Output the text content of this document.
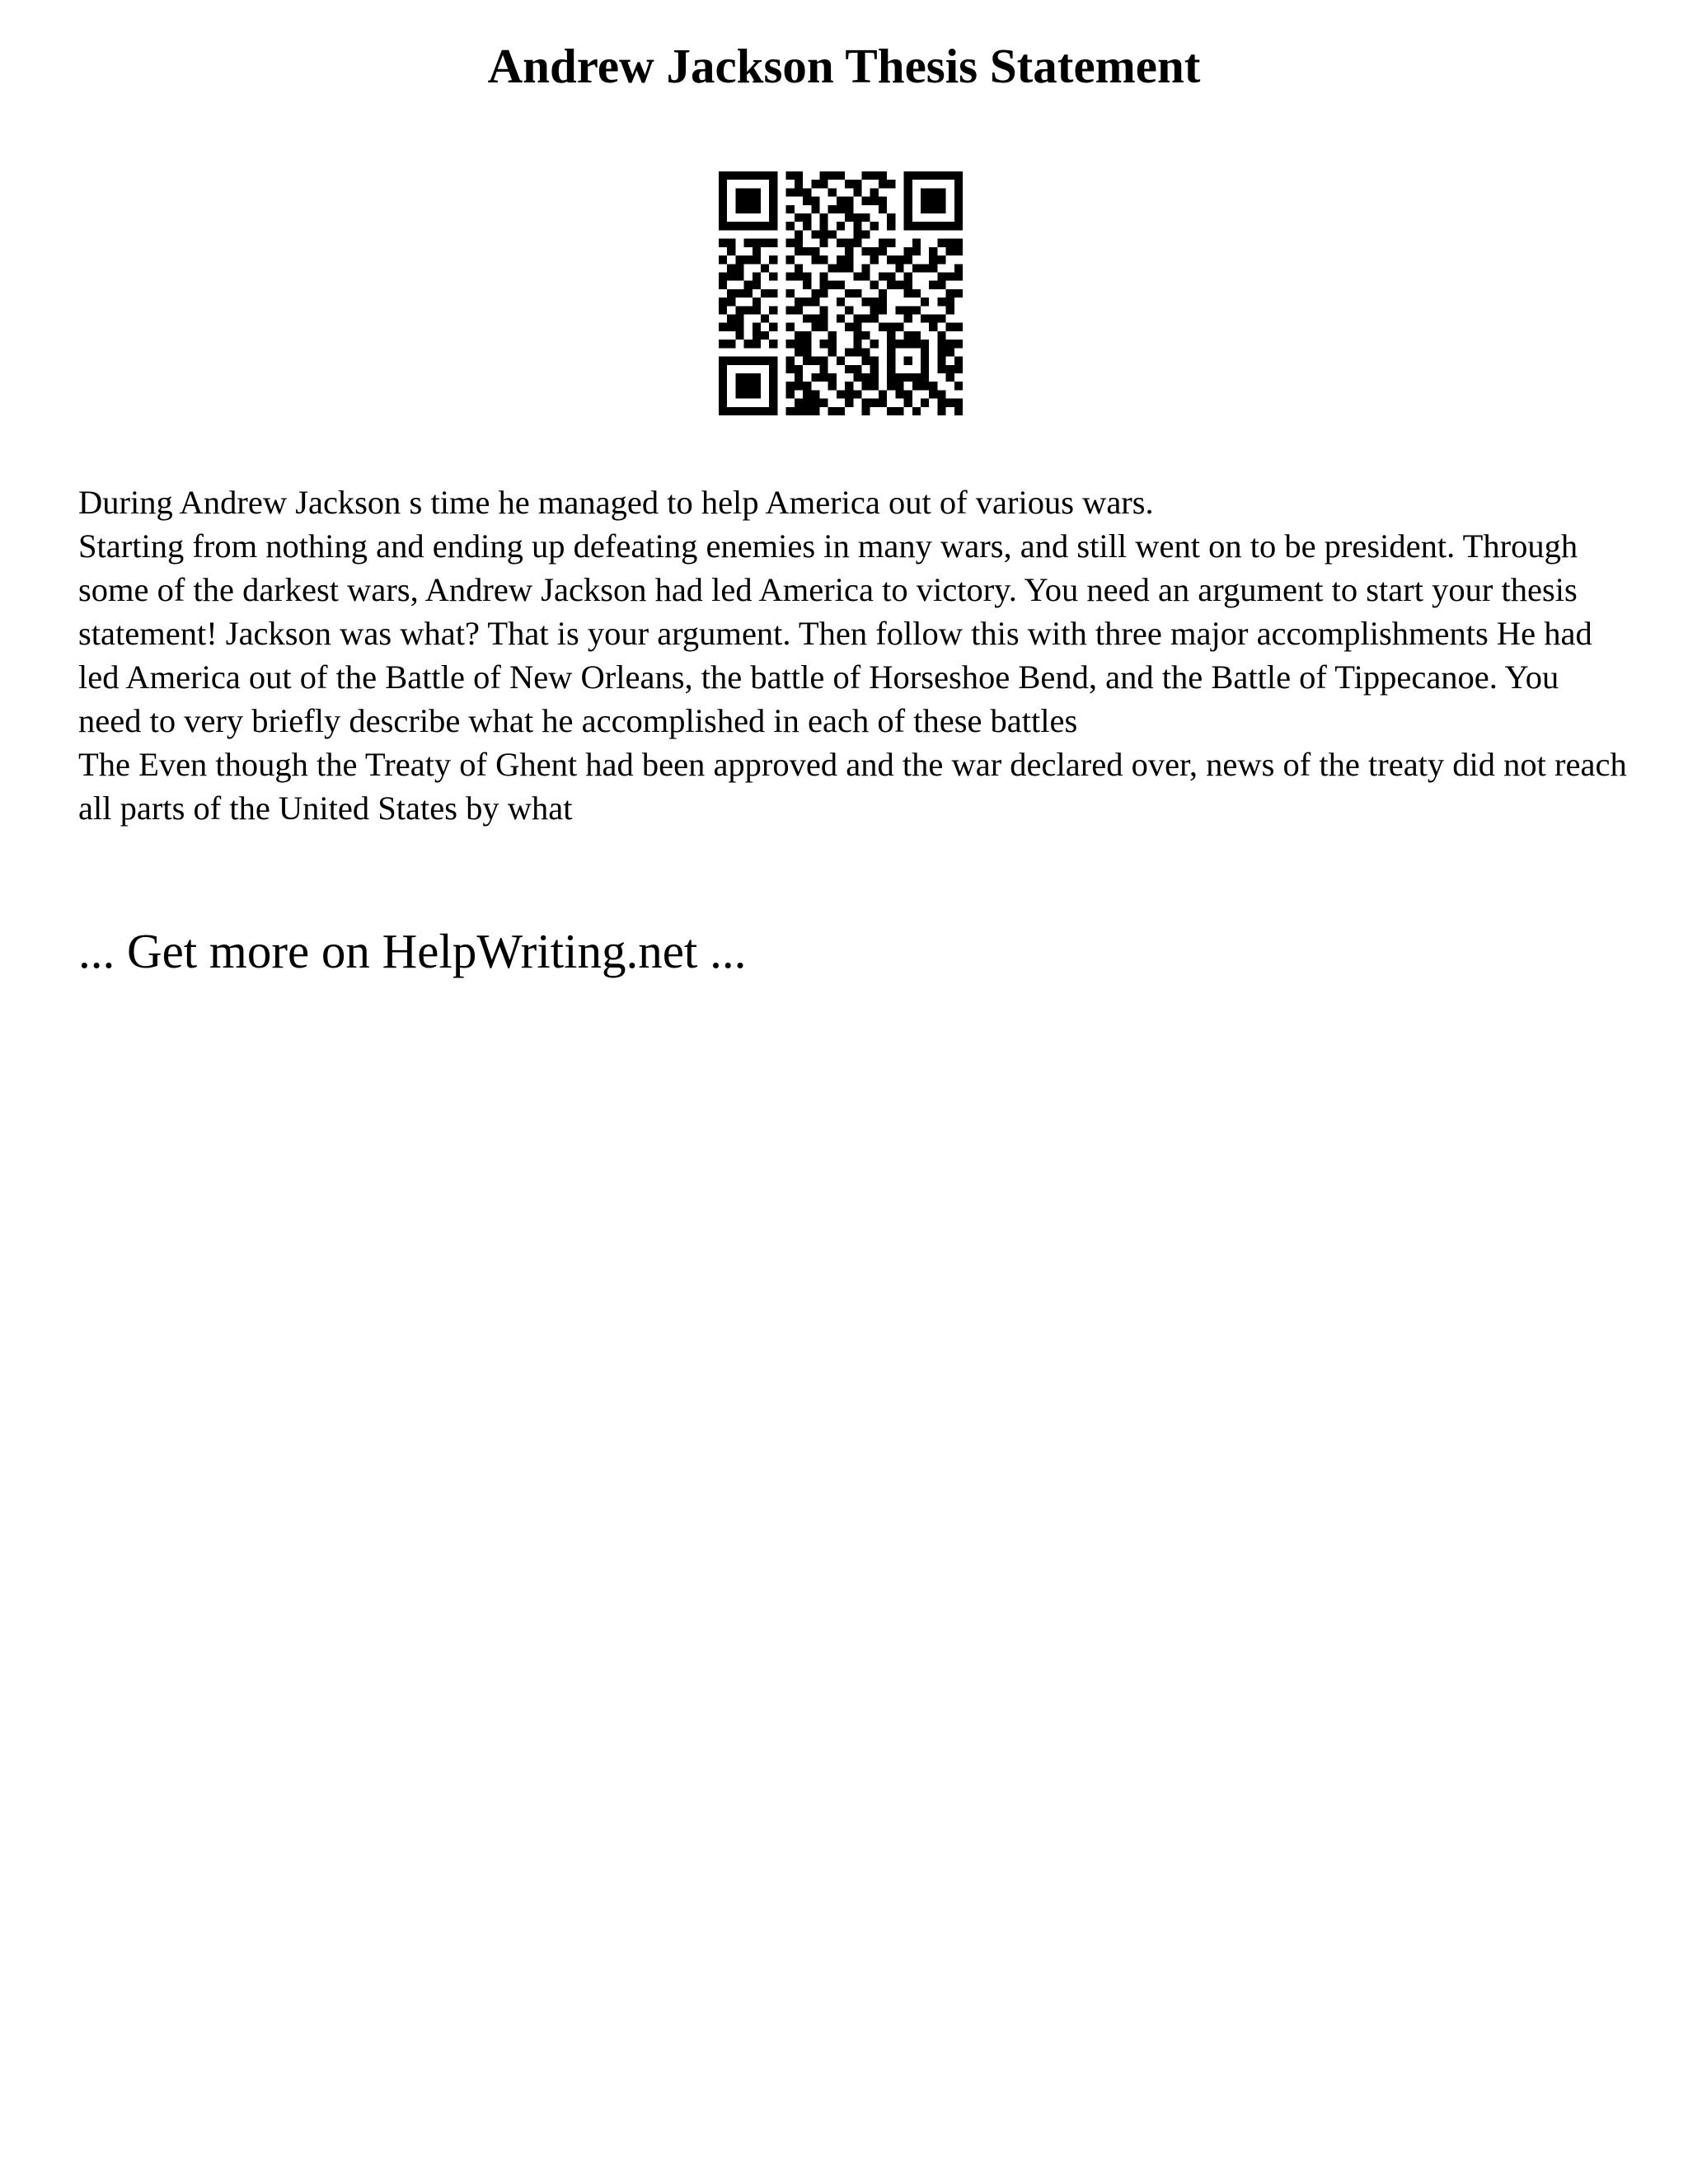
Andrew Jackson Thesis Statement

During Andrew Jackson s time he managed to help America out of various wars.

Starting from nothing and ending up defeating enemies in many wars, and still went on to be president. Through some of the darkest wars, Andrew Jackson had led America to victory. You need an argument to start your thesis statement! Jackson was what? That is your argument. Then follow this with three major accomplishments He had led America out of the Battle of New Orleans, the battle of Horseshoe Bend, and the Battle of Tippecanoe. You need to very briefly describe what he accomplished in each of these battles

The Even though the Treaty of Ghent had been approved and the war declared over, news of the treaty did not reach all parts of the United States by what

... Get more on HelpWriting.net ...
